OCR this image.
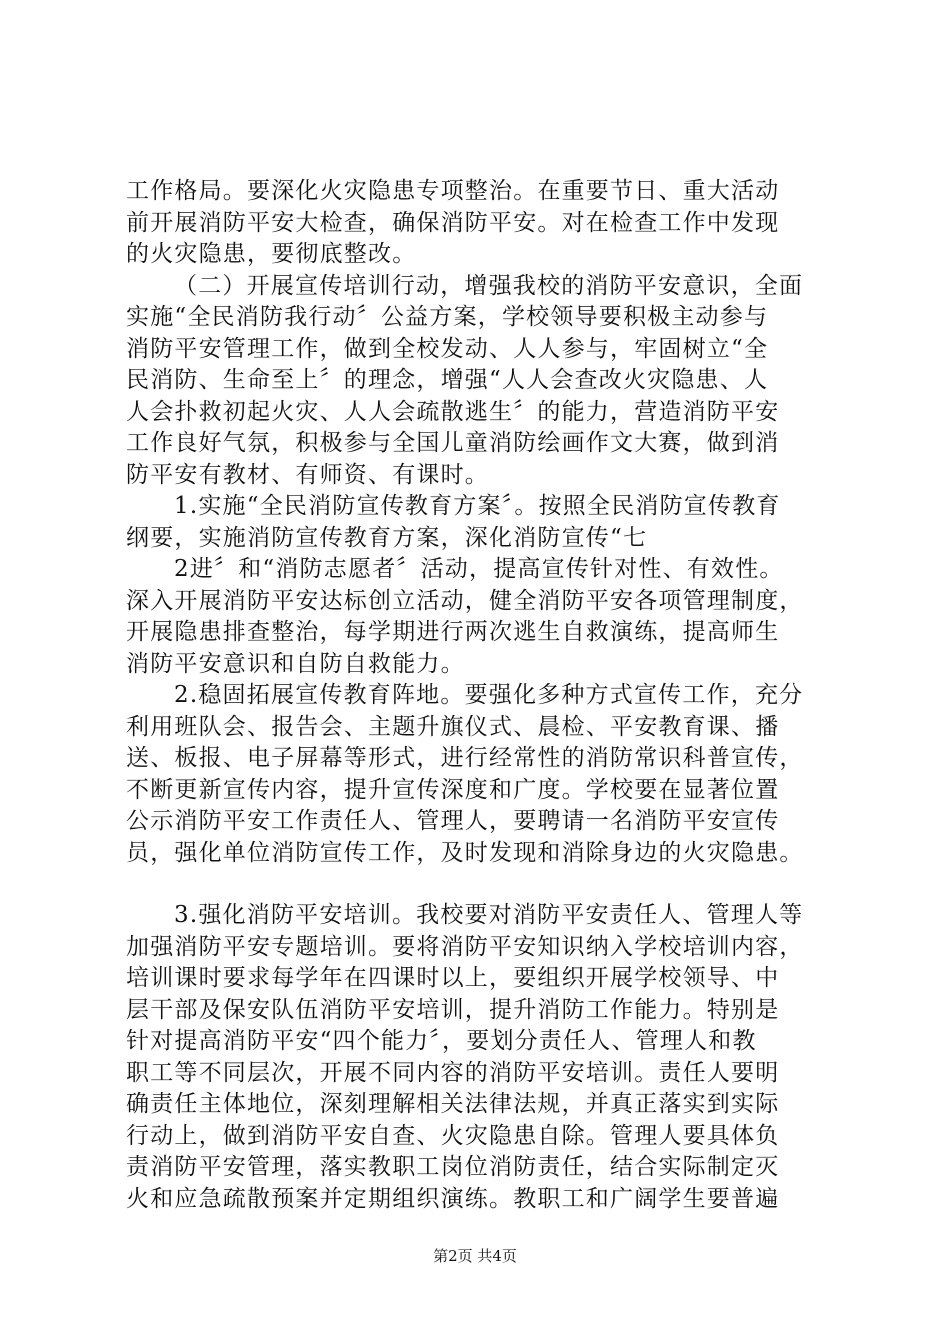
工作格局。要深化火灾隐患专项整治。在重要节日、重大活动
前开展消防平安大检查，确保消防平安。对在检查工作中发现
的火灾隐患，要彻底整改。
（二）开展宣传培训行动，增强我校的消防平安意识，全面
实施“全民消防我行动〞公益方案，学校领导要积极主动参与
消防平安管理工作，做到全校发动、人人参与，牢固树立“全
民消防、生命至上〞的理念，增强“人人会查改火灾隐患、人
人会扑救初起火灾、人人会疏散逃生〞的能力，营造消防平安
工作良好气氛，积极参与全国儿童消防绘画作文大赛，做到消
防平安有教材、有师资、有课时。
1.实施“全民消防宣传教育方案〞。按照全民消防宣传教育
纲要，实施消防宣传教育方案，深化消防宣传“七
2进〞和“消防志愿者〞活动，提高宣传针对性、有效性。
深入开展消防平安达标创立活动，健全消防平安各项管理制度，
开展隐患排查整治，每学期进行两次逃生自救演练，提高师生
消防平安意识和自防自救能力。
2.稳固拓展宣传教育阵地。要强化多种方式宣传工作，充分
利用班队会、报告会、主题升旗仪式、晨检、平安教育课、播
送、板报、电子屏幕等形式，进行经常性的消防常识科普宣传，
不断更新宣传内容，提升宣传深度和广度。学校要在显著位置
公示消防平安工作责任人、管理人，要聘请一名消防平安宣传
员，强化单位消防宣传工作，及时发现和消除身边的火灾隐患。
3.强化消防平安培训。我校要对消防平安责任人、管理人等
加强消防平安专题培训。要将消防平安知识纳入学校培训内容，
培训课时要求每学年在四课时以上，要组织开展学校领导、中
层干部及保安队伍消防平安培训，提升消防工作能力。特别是
针对提高消防平安“四个能力〞，要划分责任人、管理人和教
职工等不同层次，开展不同内容的消防平安培训。责任人要明
确责任主体地位，深刻理解相关法律法规，并真正落实到实际
行动上，做到消防平安自查、火灾隐患自除。管理人要具体负
责消防平安管理，落实教职工岗位消防责任，结合实际制定灭
火和应急疏散预案并定期组织演练。教职工和广阔学生要普遍
第2页 共4页
